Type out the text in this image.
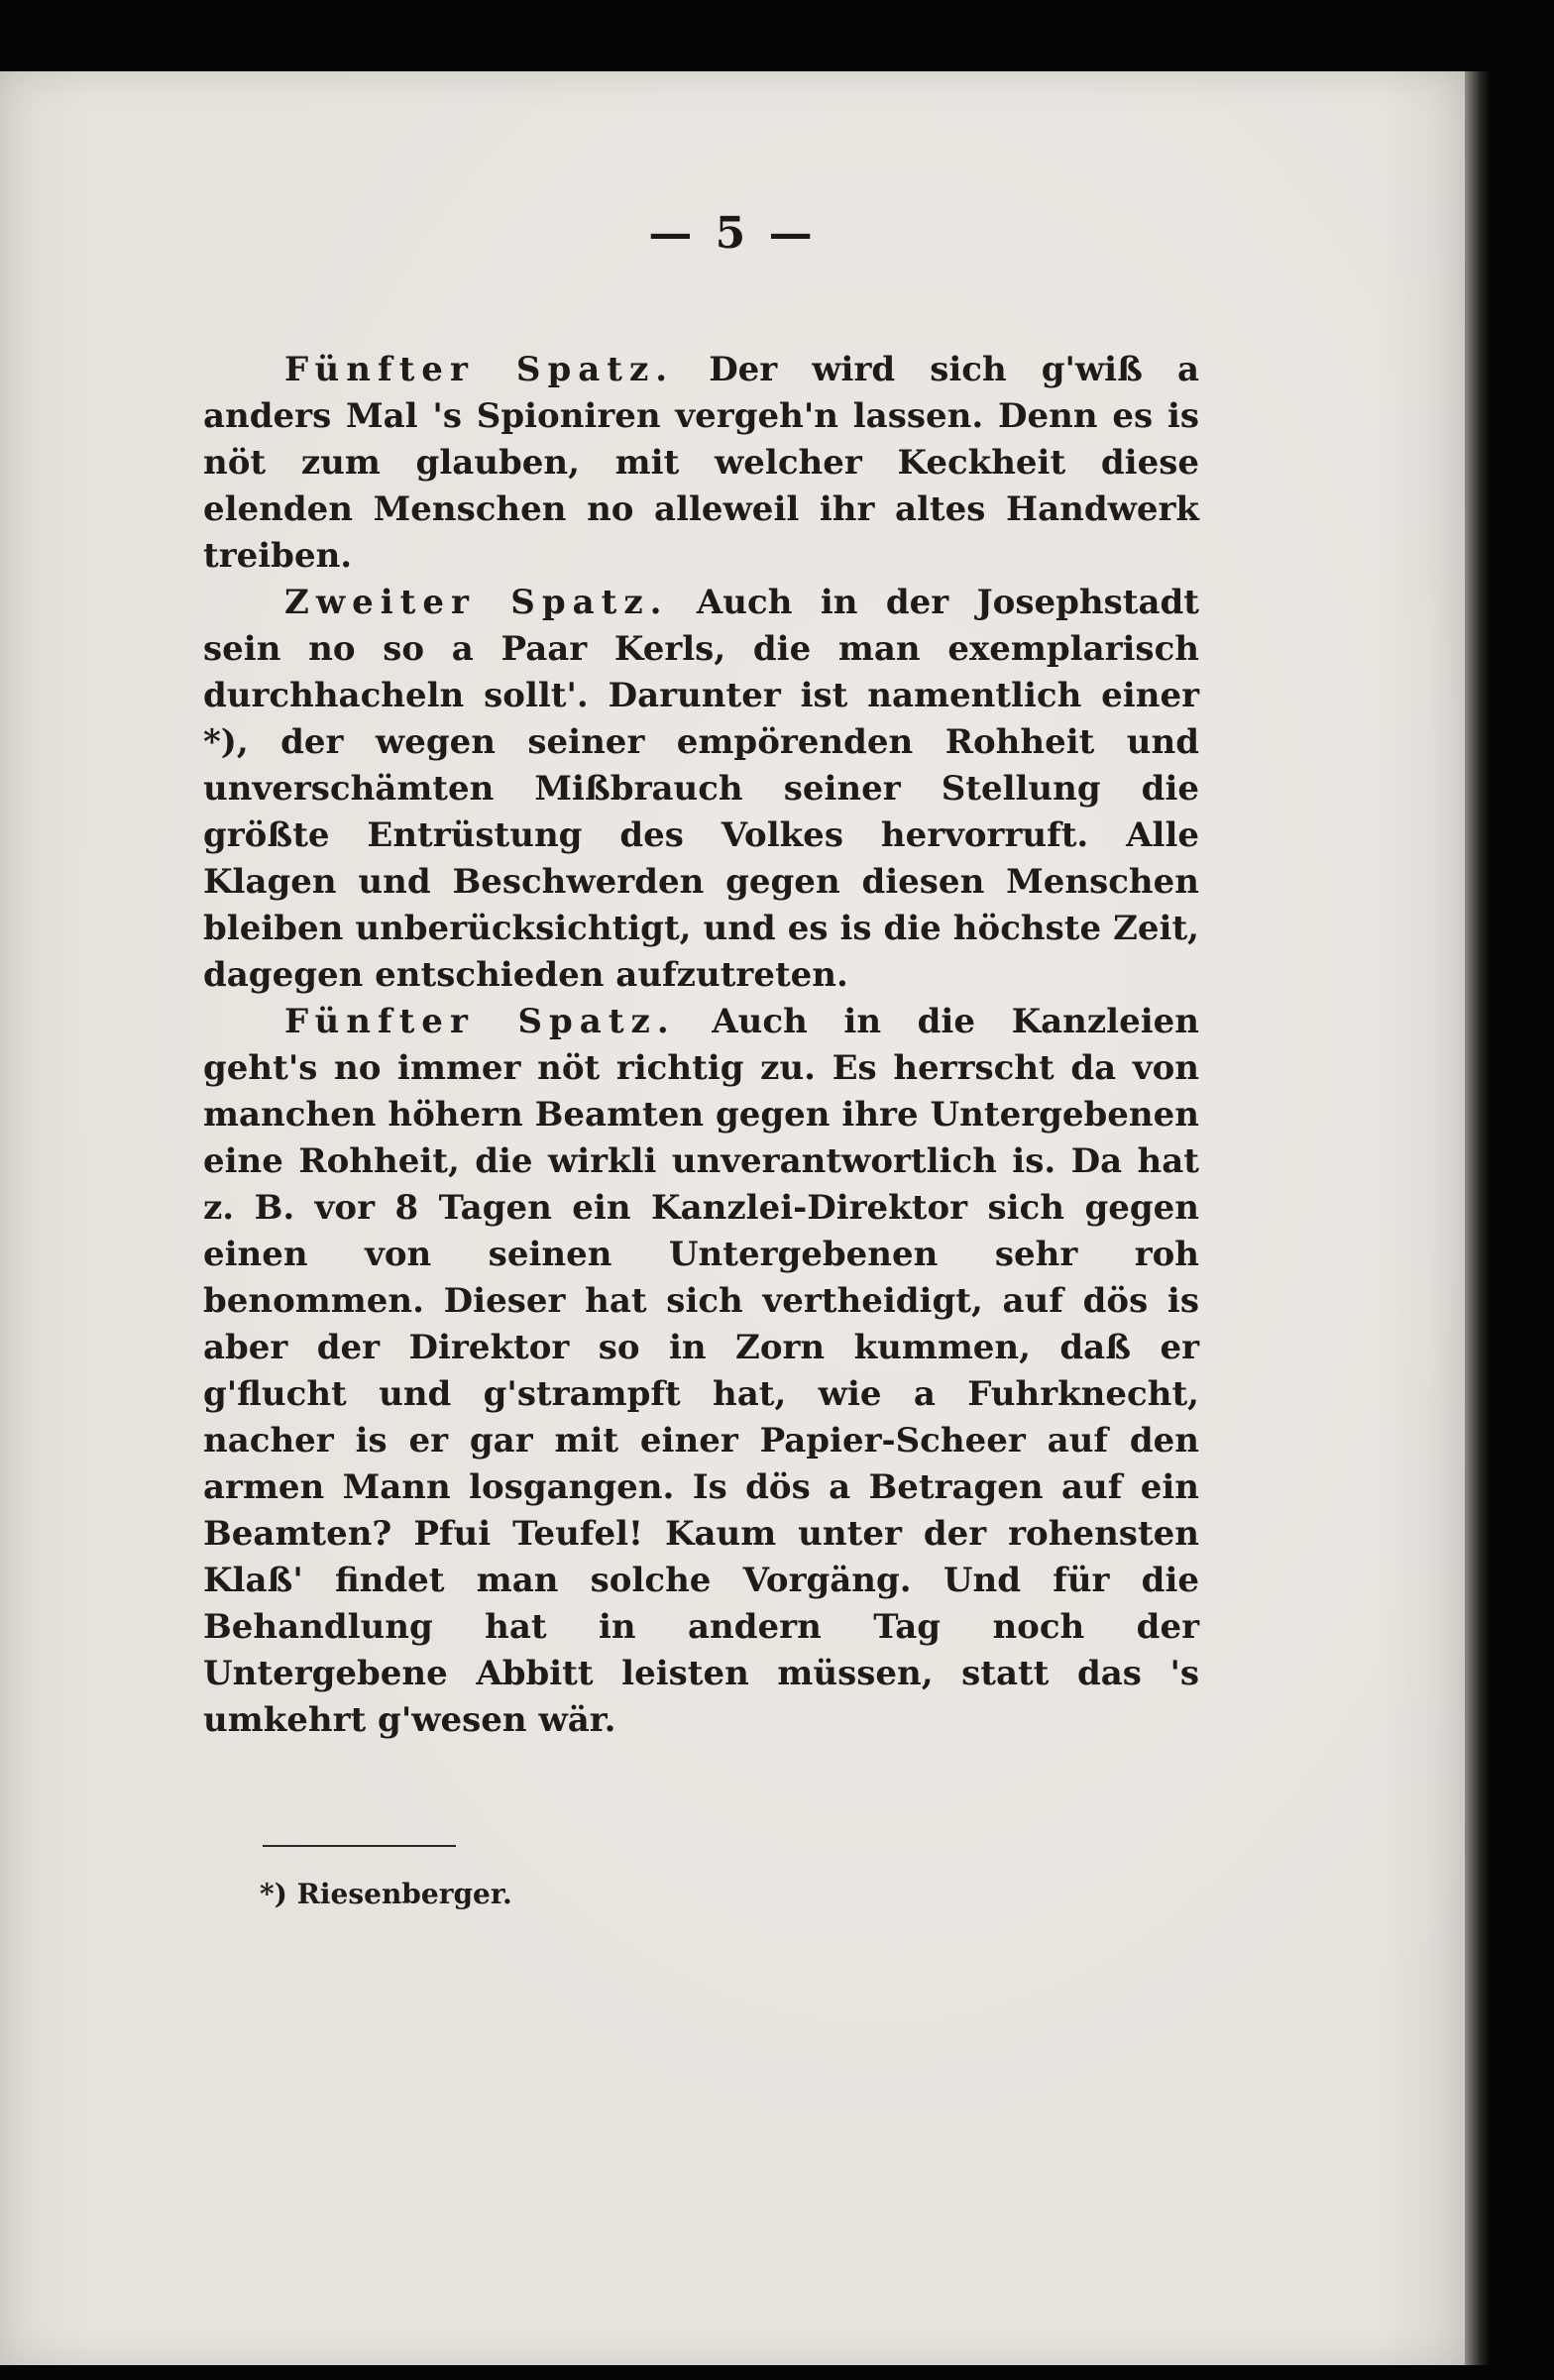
— 5 —

Fünfter Spatz. Der wird sich g'wiß a anders Mal 's Spioniren vergeh'n lassen. Denn es is nöt zum glauben, mit welcher Keckheit diese elenden Menschen no alleweil ihr altes Handwerk treiben.

Zweiter Spatz. Auch in der Josephstadt sein no so a Paar Kerls, die man exemplarisch durchhacheln sollt'. Darunter ist namentlich einer *), der wegen seiner empörenden Rohheit und unverschämten Mißbrauch seiner Stellung die größte Entrüstung des Volkes hervorruft. Alle Klagen und Beschwerden gegen diesen Menschen bleiben unberücksichtigt, und es is die höchste Zeit, dagegen entschieden aufzutreten.

Fünfter Spatz. Auch in die Kanzleien geht's no immer nöt richtig zu. Es herrscht da von manchen höhern Beamten gegen ihre Untergebenen eine Rohheit, die wirkli unverantwortlich is. Da hat z. B. vor 8 Tagen ein Kanzlei-Direktor sich gegen einen von seinen Untergebenen sehr roh benommen. Dieser hat sich vertheidigt, auf dös is aber der Direktor so in Zorn kummen, daß er g'flucht und g'strampft hat, wie a Fuhrknecht, nacher is er gar mit einer Papier-Scheer auf den armen Mann losgangen. Is dös a Betragen auf ein Beamten? Pfui Teufel! Kaum unter der rohensten Klaß' findet man solche Vorgäng. Und für die Behandlung hat in andern Tag noch der Untergebene Abbitt leisten müssen, statt das 's umkehrt g'wesen wär.

*) Riesenberger.
